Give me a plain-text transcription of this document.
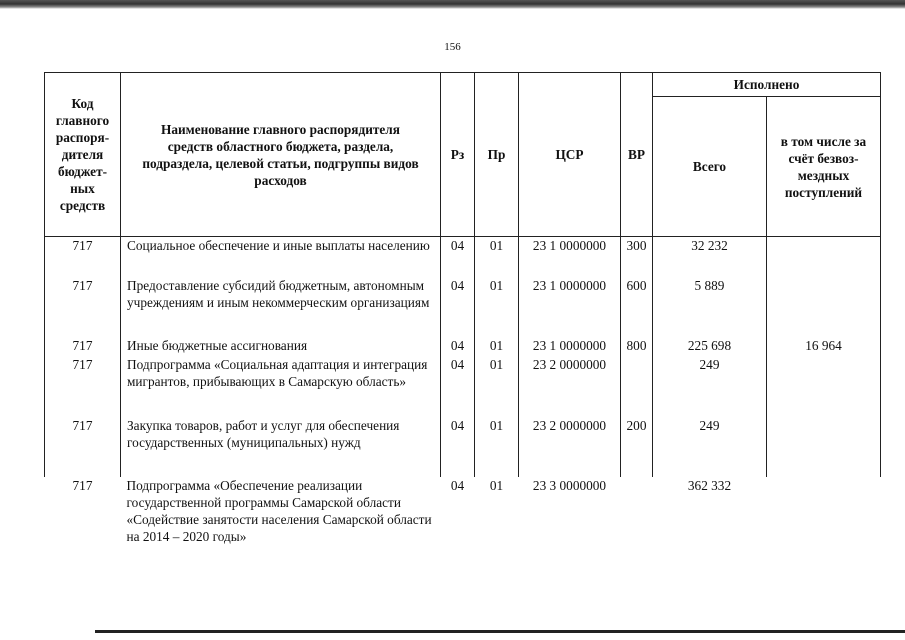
156
Код главного распоря-дителя бюджет-ных средств	Наименование главного распорядителя средств областного бюджета, раздела, подраздела, целевой статьи, подгруппы видов расходов	Рз	Пр	ЦСР	ВР	Исполнено	
						Всего	в том числе за счёт безвоз-мездных поступлений
717	Социальное обеспечение и иные выплаты населению	04	01	23 1 0000000	300	32 232	
717	Предоставление субсидий бюджетным, автономным учреждениям и иным некоммерческим организациям	04	01	23 1 0000000	600	5 889	
717	Иные бюджетные ассигнования	04	01	23 1 0000000	800	225 698	16 964
717	Подпрограмма «Социальная адаптация и интеграция мигрантов, прибывающих в Самарскую область»	04	01	23 2 0000000		249	
717	Закупка товаров, работ и услуг для обеспечения государственных (муниципальных) нужд	04	01	23 2 0000000	200	249	
717	Подпрограмма «Обеспечение реализации государственной программы Самарской области «Содействие занятости населения Самарской области на 2014 – 2020 годы»	04	01	23 3 0000000		362 332	
